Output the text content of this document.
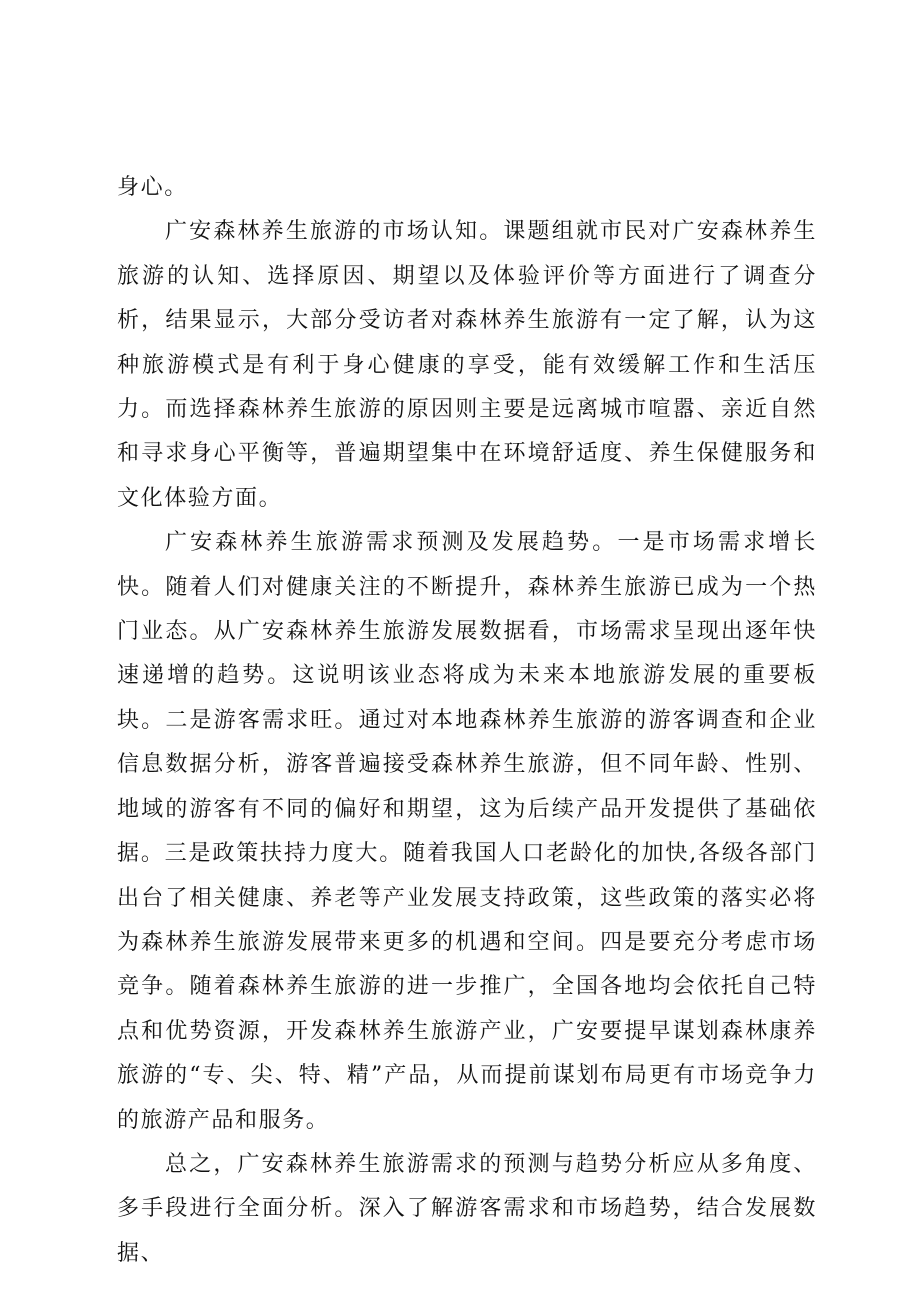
身心。

广安森林养生旅游的市场认知。课题组就市民对广安森林养生旅游的认知、选择原因、期望以及体验评价等方面进行了调查分析，结果显示，大部分受访者对森林养生旅游有一定了解，认为这种旅游模式是有利于身心健康的享受，能有效缓解工作和生活压力。而选择森林养生旅游的原因则主要是远离城市喧嚣、亲近自然和寻求身心平衡等，普遍期望集中在环境舒适度、养生保健服务和文化体验方面。

广安森林养生旅游需求预测及发展趋势。一是市场需求增长快。随着人们对健康关注的不断提升，森林养生旅游已成为一个热门业态。从广安森林养生旅游发展数据看，市场需求呈现出逐年快速递增的趋势。这说明该业态将成为未来本地旅游发展的重要板块。二是游客需求旺。通过对本地森林养生旅游的游客调查和企业信息数据分析，游客普遍接受森林养生旅游，但不同年龄、性别、地域的游客有不同的偏好和期望，这为后续产品开发提供了基础依据。三是政策扶持力度大。随着我国人口老龄化的加快,各级各部门出台了相关健康、养老等产业发展支持政策，这些政策的落实必将为森林养生旅游发展带来更多的机遇和空间。四是要充分考虑市场竞争。随着森林养生旅游的进一步推广，全国各地均会依托自己特点和优势资源，开发森林养生旅游产业，广安要提早谋划森林康养旅游的“专、尖、特、精”产品，从而提前谋划布局更有市场竞争力的旅游产品和服务。

总之，广安森林养生旅游需求的预测与趋势分析应从多角度、多手段进行全面分析。深入了解游客需求和市场趋势，结合发展数据、
